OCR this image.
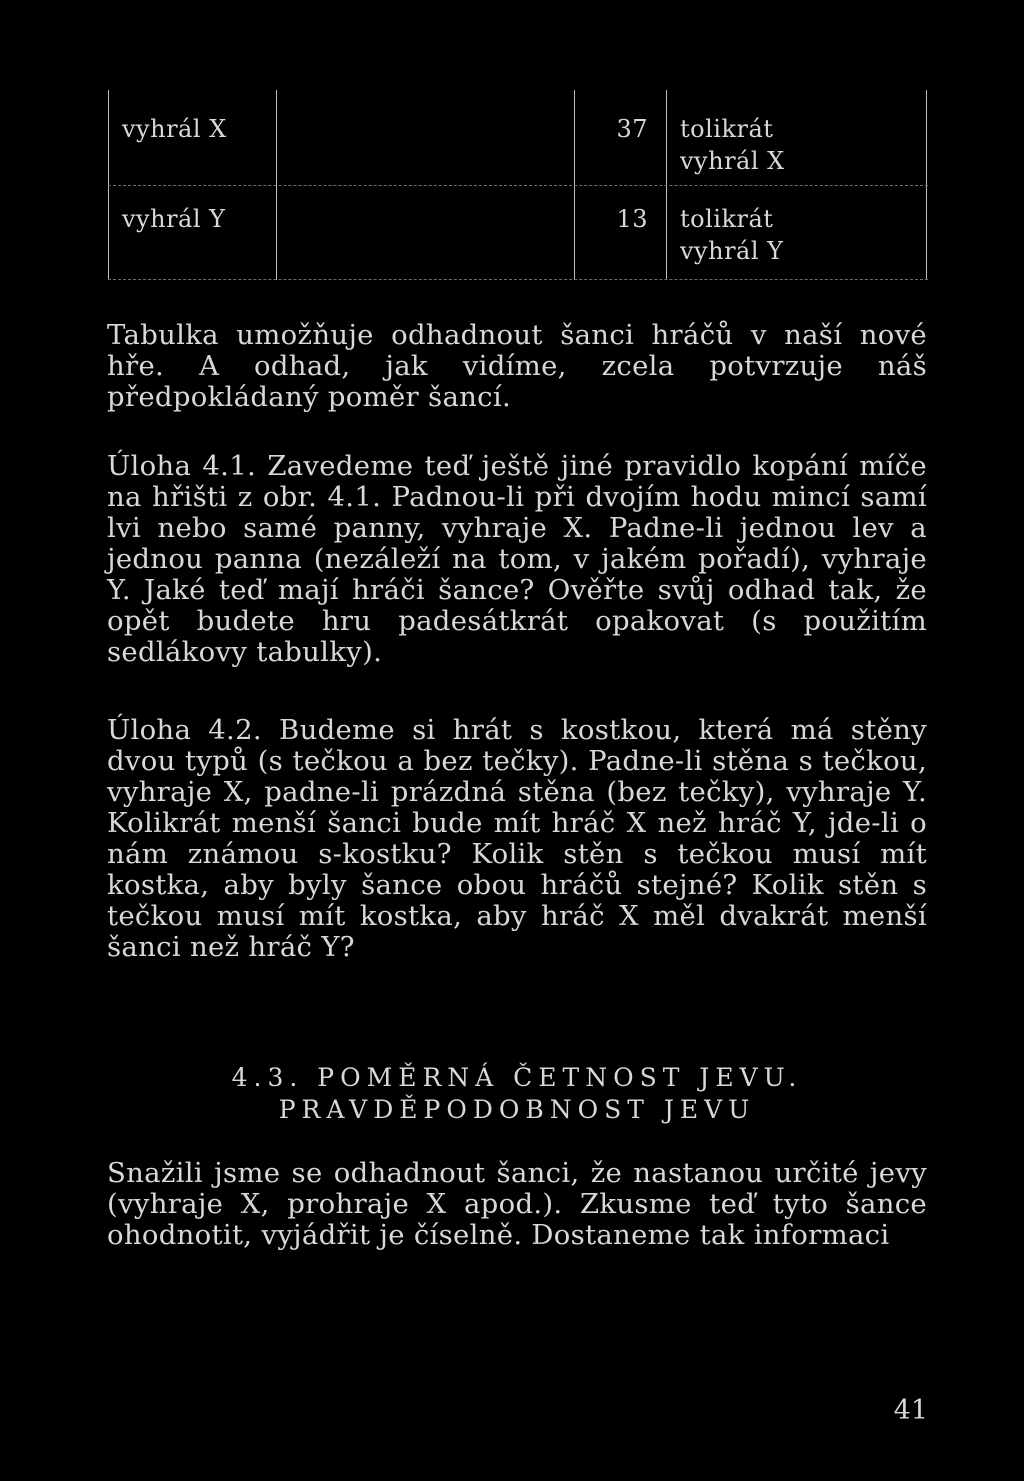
vyhrál X	37 tolikrát
vyhrál X
vyhrál Y	13 tolikrát
vyhrál Y

Tabulka umožňuje odhadnout šanci hráčů v naší nové hře. A odhad, jak vidíme, zcela potvrzuje náš předpokládaný poměr šancí.

Úloha 4.1. Zavedeme teď ještě jiné pravidlo kopání míče na hřišti z obr. 4.1. Padnou-li při dvojím hodu mincí samí lvi nebo samé panny, vyhraje X. Padne-li jednou lev a jednou panna (nezáleží na tom, v jakém pořadí), vyhraje Y. Jaké teď mají hráči šance? Ověřte svůj odhad tak, že opět budete hru padesátkrát opakovat (s použitím sedlákovy tabulky).

Úloha 4.2. Budeme si hrát s kostkou, která má stěny dvou typů (s tečkou a bez tečky). Padne-li stěna s tečkou, vyhraje X, padne-li prázdná stěna (bez tečky), vyhraje Y. Kolikrát menší šanci bude mít hráč X než hráč Y, jde-li o nám známou s-kostku? Kolik stěn s tečkou musí mít kostka, aby byly šance obou hráčů stejné? Kolik stěn s tečkou musí mít kostka, aby hráč X měl dvakrát menší šanci než hráč Y?

4.3. POMĚRNÁ ČETNOST JEVU.

PRAVDĚPODOBNOST JEVU

Snažili jsme se odhadnout šanci, že nastanou určité jevy (vyhraje X, prohraje X apod.). Zkusme teď tyto šance ohodnotit, vyjádřit je číselně. Dostaneme tak informaci

41
